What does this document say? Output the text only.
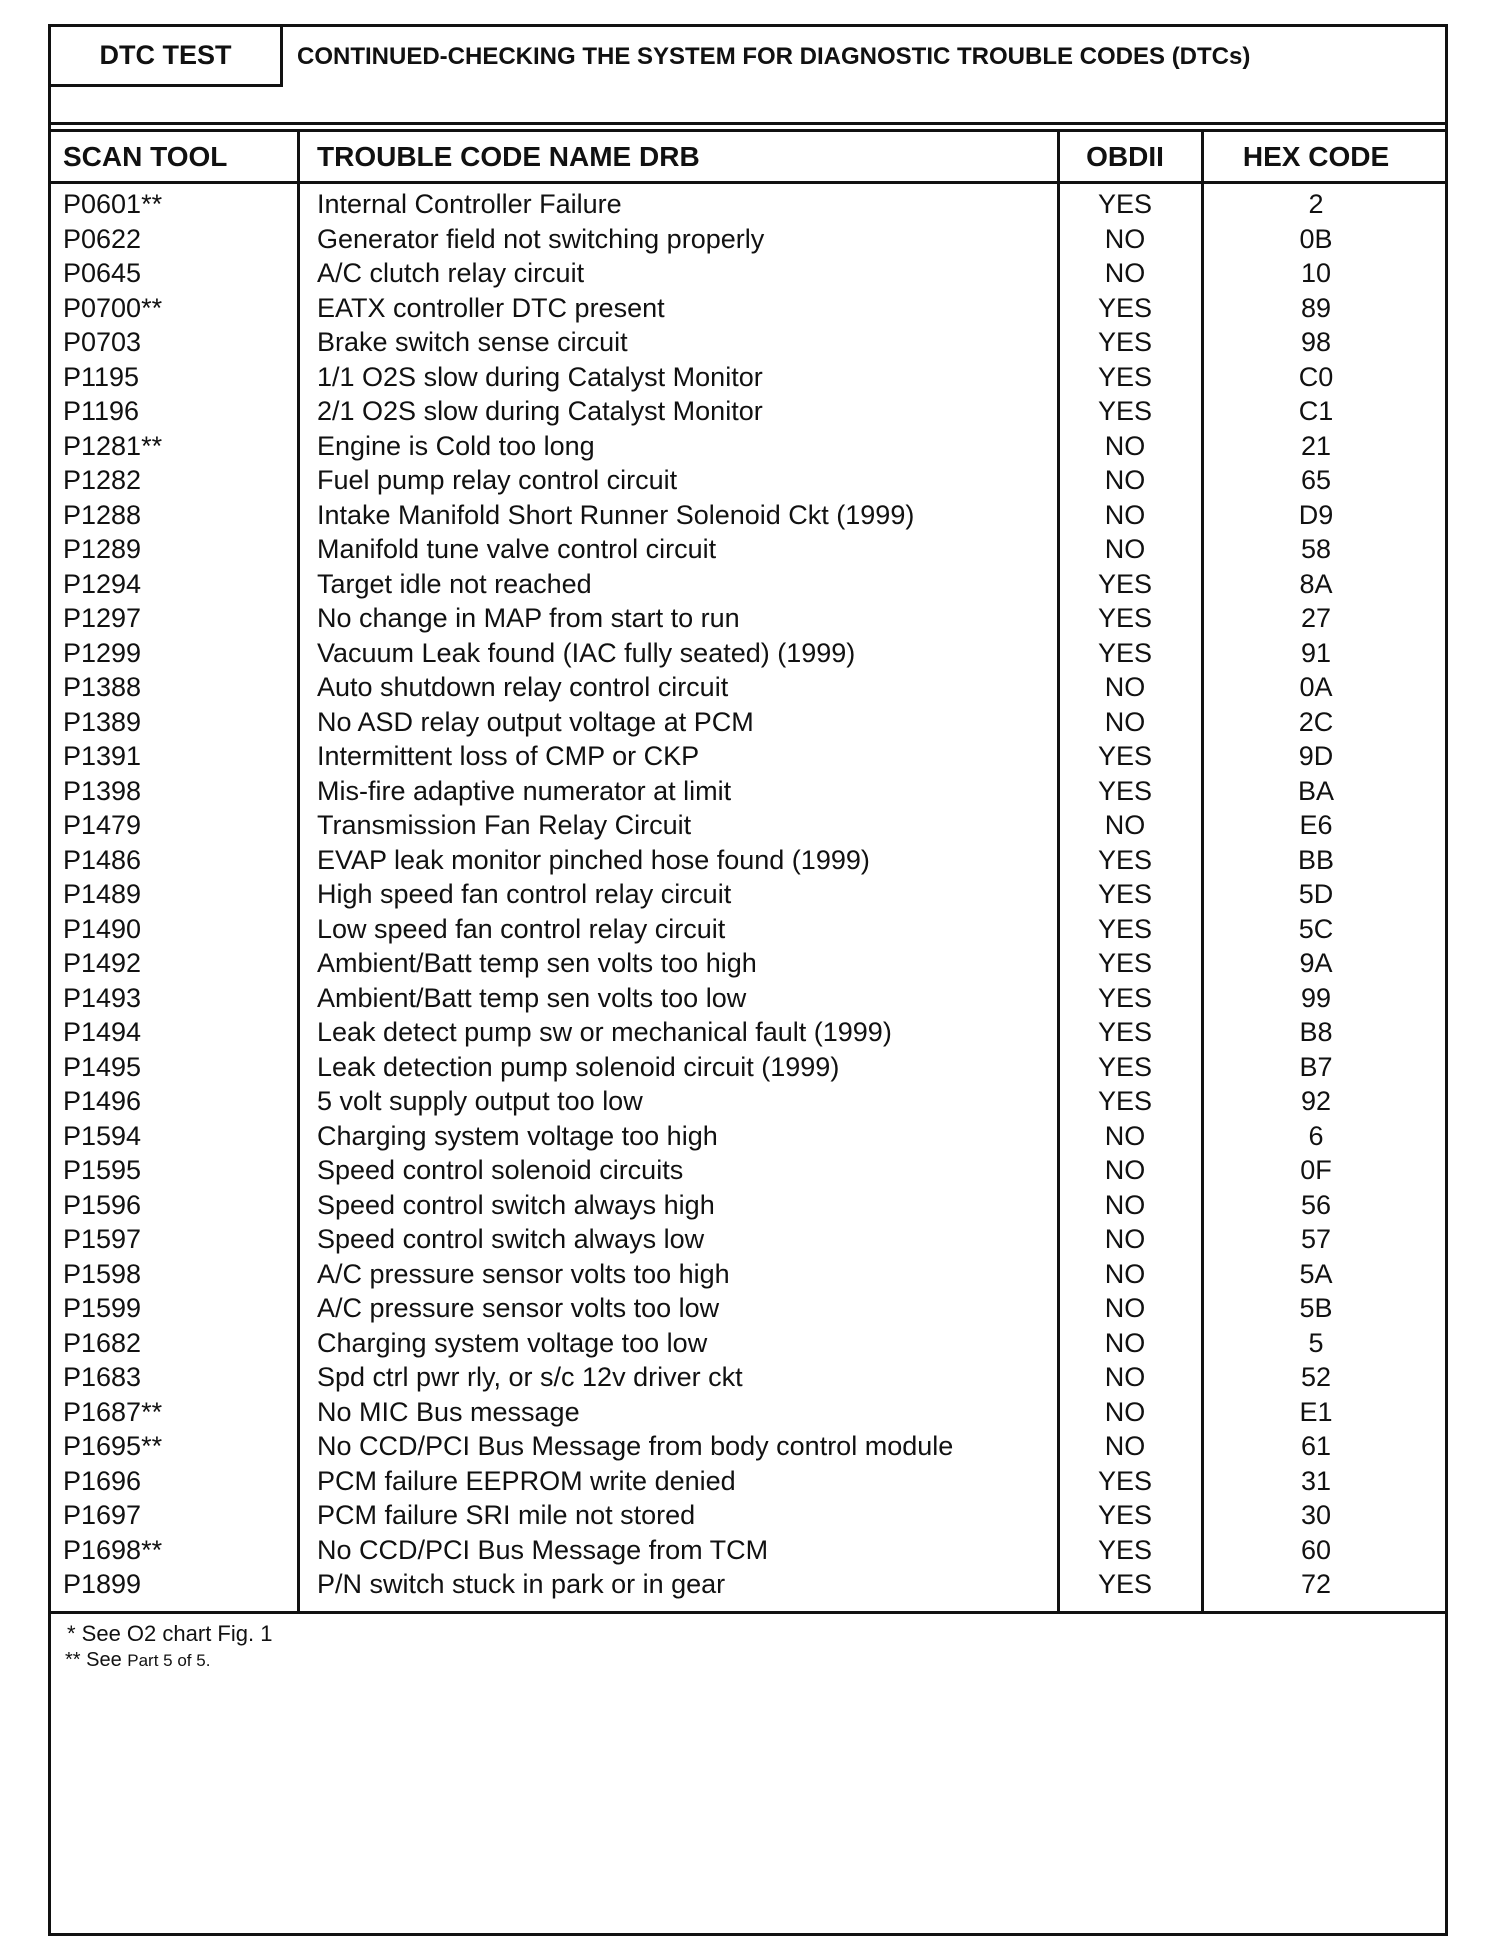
DTC TEST	CONTINUED-CHECKING THE SYSTEM FOR DIAGNOSTIC TROUBLE CODES (DTCs)
SCAN TOOL	TROUBLE CODE NAME DRB	OBDII	HEX CODE
P0601**	Internal Controller Failure	YES	2
P0622	Generator field not switching properly	NO	0B
P0645	A/C clutch relay circuit	NO	10
P0700**	EATX controller DTC present	YES	89
P0703	Brake switch sense circuit	YES	98
P1195	1/1 O2S slow during Catalyst Monitor	YES	C0
P1196	2/1 O2S slow during Catalyst Monitor	YES	C1
P1281**	Engine is Cold too long	NO	21
P1282	Fuel pump relay control circuit	NO	65
P1288	Intake Manifold Short Runner Solenoid Ckt (1999)	NO	D9
P1289	Manifold tune valve control circuit	NO	58
P1294	Target idle not reached	YES	8A
P1297	No change in MAP from start to run	YES	27
P1299	Vacuum Leak found (IAC fully seated) (1999)	YES	91
P1388	Auto shutdown relay control circuit	NO	0A
P1389	No ASD relay output voltage at PCM	NO	2C
P1391	Intermittent loss of CMP or CKP	YES	9D
P1398	Mis-fire adaptive numerator at limit	YES	BA
P1479	Transmission Fan Relay Circuit	NO	E6
P1486	EVAP leak monitor pinched hose found (1999)	YES	BB
P1489	High speed fan control relay circuit	YES	5D
P1490	Low speed fan control relay circuit	YES	5C
P1492	Ambient/Batt temp sen volts too high	YES	9A
P1493	Ambient/Batt temp sen volts too low	YES	99
P1494	Leak detect pump sw or mechanical fault (1999)	YES	B8
P1495	Leak detection pump solenoid circuit (1999)	YES	B7
P1496	5 volt supply output too low	YES	92
P1594	Charging system voltage too high	NO	6
P1595	Speed control solenoid circuits	NO	0F
P1596	Speed control switch always high	NO	56
P1597	Speed control switch always low	NO	57
P1598	A/C pressure sensor volts too high	NO	5A
P1599	A/C pressure sensor volts too low	NO	5B
P1682	Charging system voltage too low	NO	5
P1683	Spd ctrl pwr rly, or s/c 12v driver ckt	NO	52
P1687**	No MIC Bus message	NO	E1
P1695**	No CCD/PCI Bus Message from body control module	NO	61
P1696	PCM failure EEPROM write denied	YES	31
P1697	PCM failure SRI mile not stored	YES	30
P1698**	No CCD/PCI Bus Message from TCM	YES	60
P1899	P/N switch stuck in park or in gear	YES	72
* See O2 chart Fig. 1
** See Part 5 of 5.
